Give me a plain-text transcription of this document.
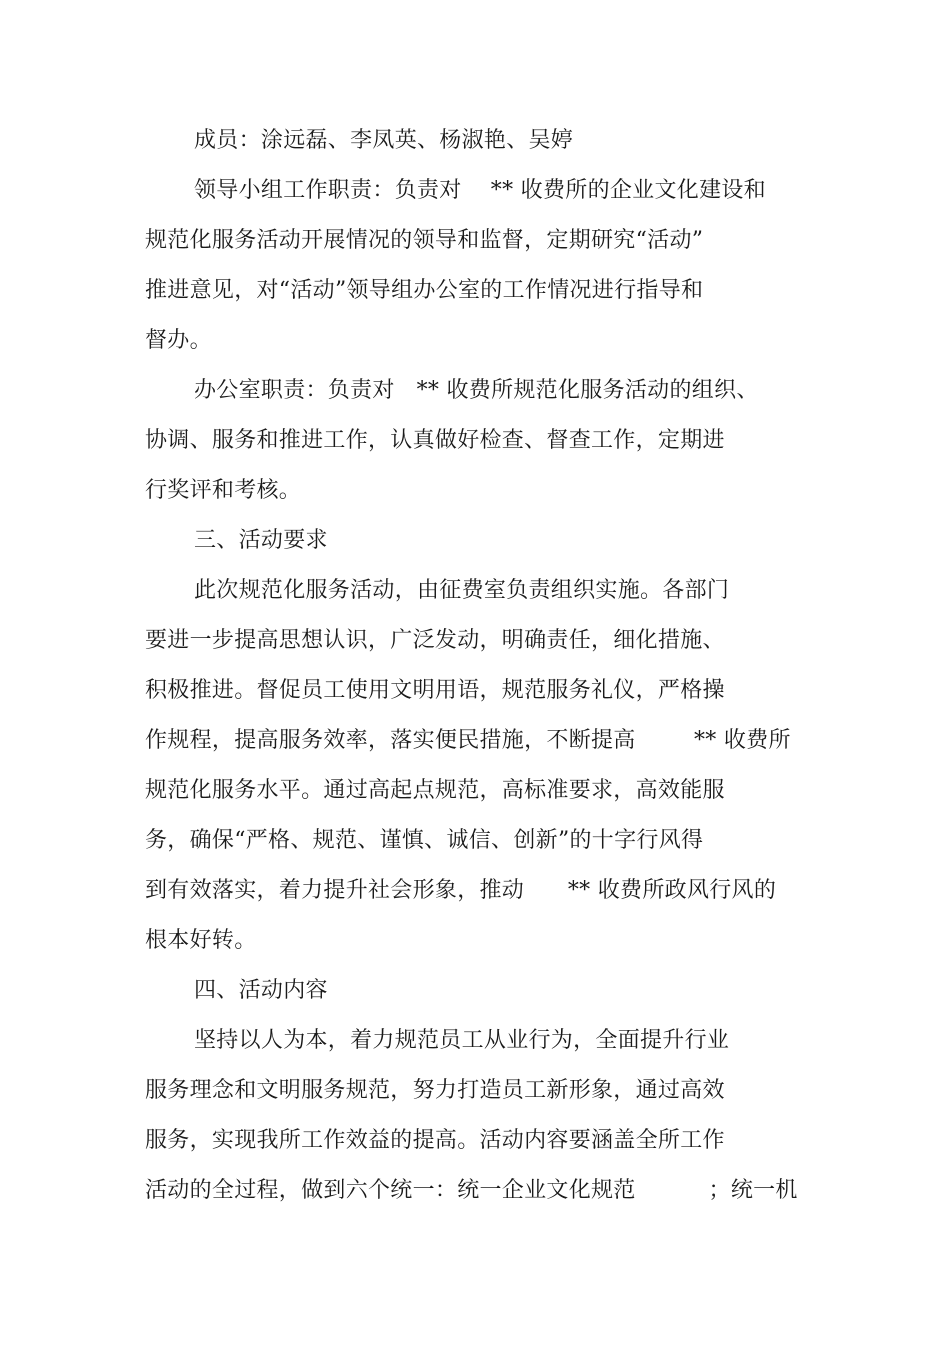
成员：涂远磊、李凤英、杨淑艳、吴婷
领导小组工作职责：负责对    ** 收费所的企业文化建设和
规范化服务活动开展情况的领导和监督，定期研究“活动”
推进意见，对“活动”领导组办公室的工作情况进行指导和
督办。
办公室职责：负责对   ** 收费所规范化服务活动的组织、
协调、服务和推进工作，认真做好检查、督查工作，定期进
行奖评和考核。
三、活动要求
此次规范化服务活动，由征费室负责组织实施。各部门
要进一步提高思想认识，广泛发动，明确责任，细化措施、
积极推进。督促员工使用文明用语，规范服务礼仪，严格操
作规程，提高服务效率，落实便民措施，不断提高        ** 收费所
规范化服务水平。通过高起点规范，高标准要求，高效能服
务，确保“严格、规范、谨慎、诚信、创新”的十字行风得
到有效落实，着力提升社会形象，推动      ** 收费所政风行风的
根本好转。
四、活动内容
坚持以人为本，着力规范员工从业行为，全面提升行业
服务理念和文明服务规范，努力打造员工新形象，通过高效
服务，实现我所工作效益的提高。活动内容要涵盖全所工作
活动的全过程，做到六个统一：统一企业文化规范          ；统一机
